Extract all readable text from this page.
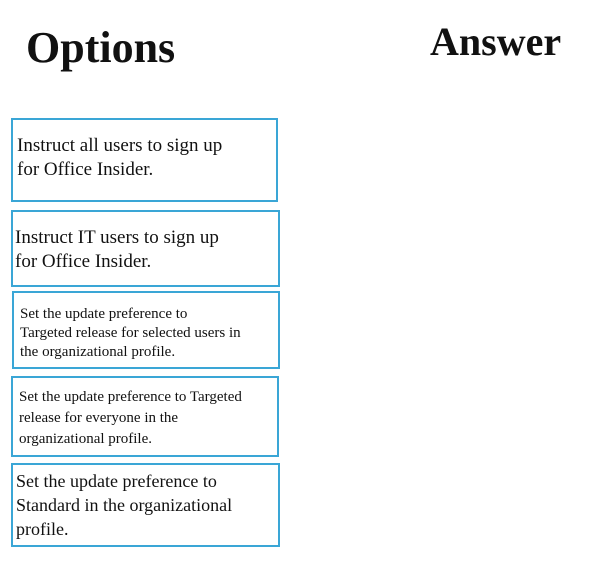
Options	Answer
Instruct all users to sign up
for Office Insider.
Instruct IT users to sign up
for Office Insider.
Set the update preference to
Targeted release for selected users in
the organizational profile.
Set the update preference to Targeted
release for everyone in the
organizational profile.
Set the update preference to
Standard in the organizational
profile.
